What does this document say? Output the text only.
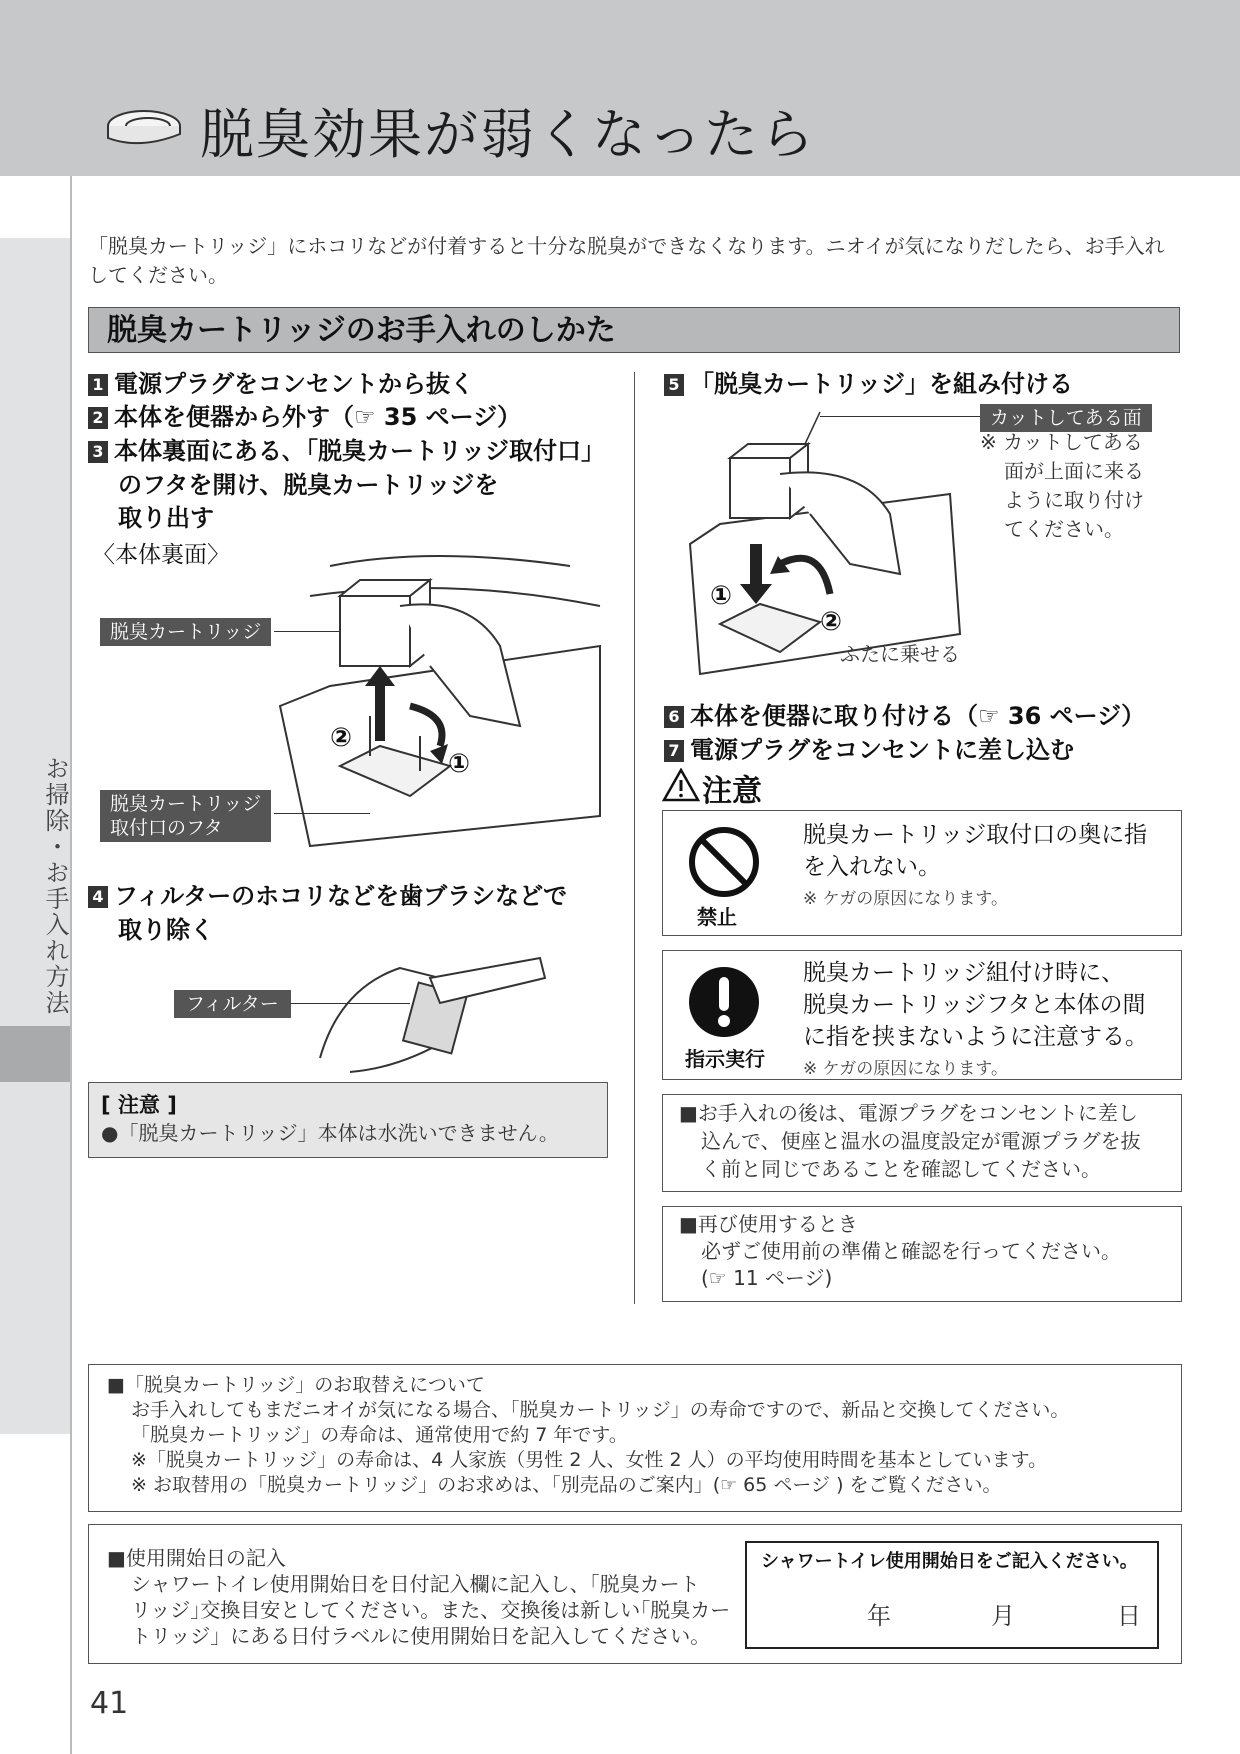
脱臭効果が弱くなったら
お掃除・お手入れ方法
「脱臭カートリッジ」にホコリなどが付着すると十分な脱臭ができなくなります。ニオイが気になりだしたら、お手入れしてください。
脱臭カートリッジのお手入れのしかた
1 電源プラグをコンセントから抜く
2 本体を便器から外す（☞ 35 ページ）
3 本体裏面にある､「脱臭カートリッジ取付口」
のフタを開け、脱臭カートリッジを
取り出す
〈本体裏面〉
②
①
脱臭カートリッジ
脱臭カートリッジ
取付口のフタ
4 フィルターのホコリなどを歯ブラシなどで
取り除く
フィルター
[ 注意 ]
●「脱臭カートリッジ」本体は水洗いできません。
5 「脱臭カートリッジ」を組み付ける
①
②
カットしてある面
※ カットしてある
面が上面に来る
ように取り付け
てください。
ふたに乗せる
6 本体を便器に取り付ける（☞ 36 ページ）
7 電源プラグをコンセントに差し込む
注意
禁止
脱臭カートリッジ取付口の奥に指
を入れない。
※ ケガの原因になります。
指示実行
脱臭カートリッジ組付け時に、
脱臭カートリッジフタと本体の間
に指を挟まないように注意する。
※ ケガの原因になります。
■お手入れの後は、電源プラグをコンセントに差し
込んで、便座と温水の温度設定が電源プラグを抜
く前と同じであることを確認してください。
■再び使用するとき
必ずご使用前の準備と確認を行ってください。
(☞ 11 ページ)
■「脱臭カートリッジ」のお取替えについて
お手入れしてもまだニオイが気になる場合、「脱臭カートリッジ」の寿命ですので、新品と交換してください。
「脱臭カートリッジ」の寿命は、通常使用で約 7 年です。
※「脱臭カートリッジ」の寿命は、4 人家族（男性 2 人、女性 2 人）の平均使用時間を基本としています。
※ お取替用の「脱臭カートリッジ」のお求めは、「別売品のご案内」(☞ 65 ページ ) をご覧ください。
■使用開始日の記入
シャワートイレ使用開始日を日付記入欄に記入し、「脱臭カート
リッジ｣交換目安としてください。また、交換後は新しい｢脱臭カー
トリッジ」にある日付ラベルに使用開始日を記入してください。
シャワートイレ使用開始日をご記入ください。
年	月	日
41
